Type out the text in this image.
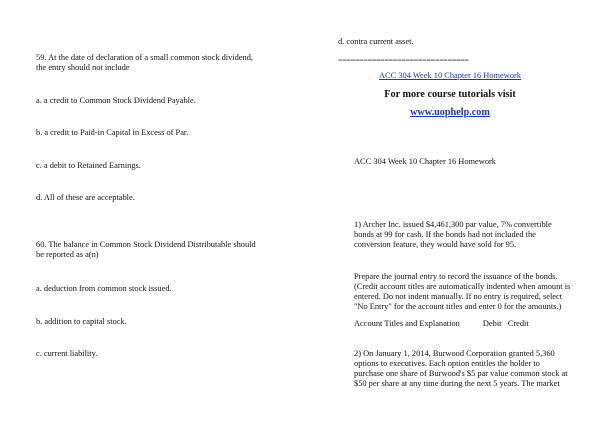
59. At the date of declaration of a small common stock dividend,
the entry should not include
a. a credit to Common Stock Dividend Payable.
b. a credit to Paid-in Capital in Excess of Par.
c. a debit to Retained Earnings.
d. All of these are acceptable.
60. The balance in Common Stock Dividend Distributable should
be reported as a(n)
a. deduction from common stock issued.
b. addition to capital stock.
c. current liability.
d. contra current asset.
===============================
ACC 304 Week 10 Chapter 16 Homework
For more course tutorials visit
www.uophelp.com
ACC 304 Week 10 Chapter 16 Homework
1) Archer Inc. issued $4,461,300 par value, 7% convertible
bonds at 99 for cash. If the bonds had not included the
conversion feature, they would have sold for 95.
Prepare the journal entry to record the issuance of the bonds.
(Credit account titles are automatically indented when amount is
entered. Do not indent manually. If no entry is required, select
"No Entry" for the account titles and enter 0 for the amounts.)
Account Titles and Explanation           Debit   Credit
2) On January 1, 2014, Burwood Corporation granted 5,360
options to executives. Each option entitles the holder to
purchase one share of Burwood's $5 par value common stock at
$50 per share at any time during the next 5 years. The market
